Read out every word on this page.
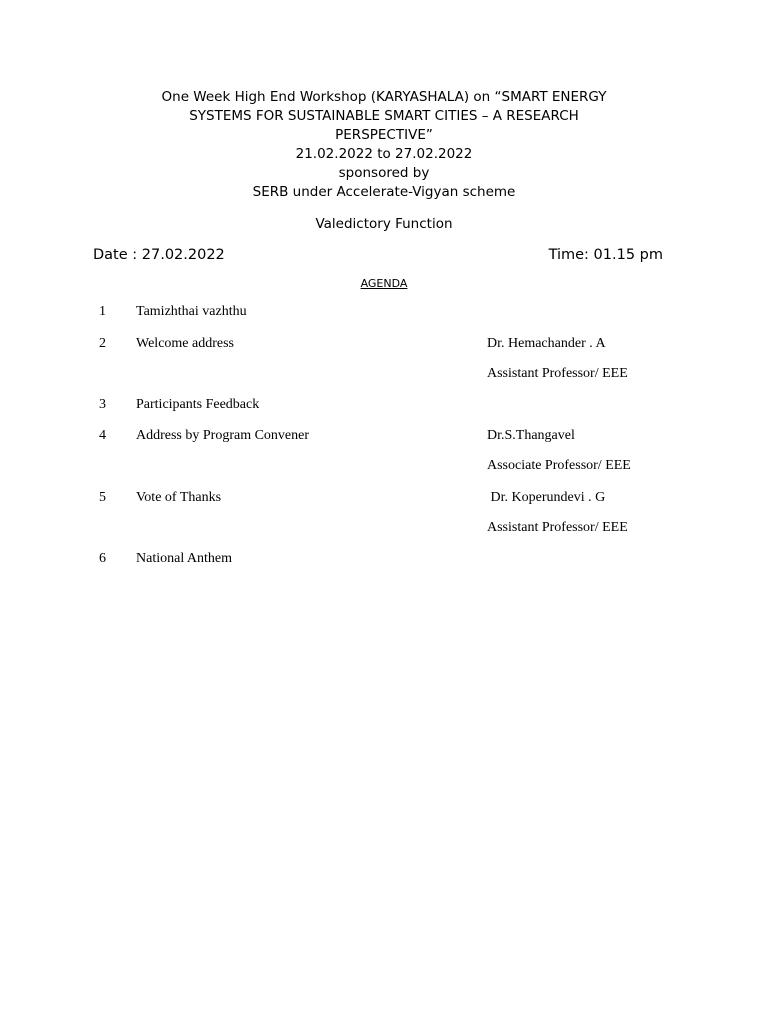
One Week High End Workshop (KARYASHALA) on “SMART ENERGY
SYSTEMS FOR SUSTAINABLE SMART CITIES – A RESEARCH
PERSPECTIVE”
21.02.2022 to 27.02.2022
sponsored by
SERB under Accelerate-Vigyan scheme
Valedictory Function
Date : 27.02.2022	Time: 01.15 pm
AGENDA
1 Tamizhthai vazhthu
2 Welcome address	Dr. Hemachander . A
Assistant Professor/ EEE
3 Participants Feedback
4 Address by Program Convener	Dr.S.Thangavel
Associate Professor/ EEE
5 Vote of Thanks	Dr. Koperundevi . G
Assistant Professor/ EEE
6 National Anthem
